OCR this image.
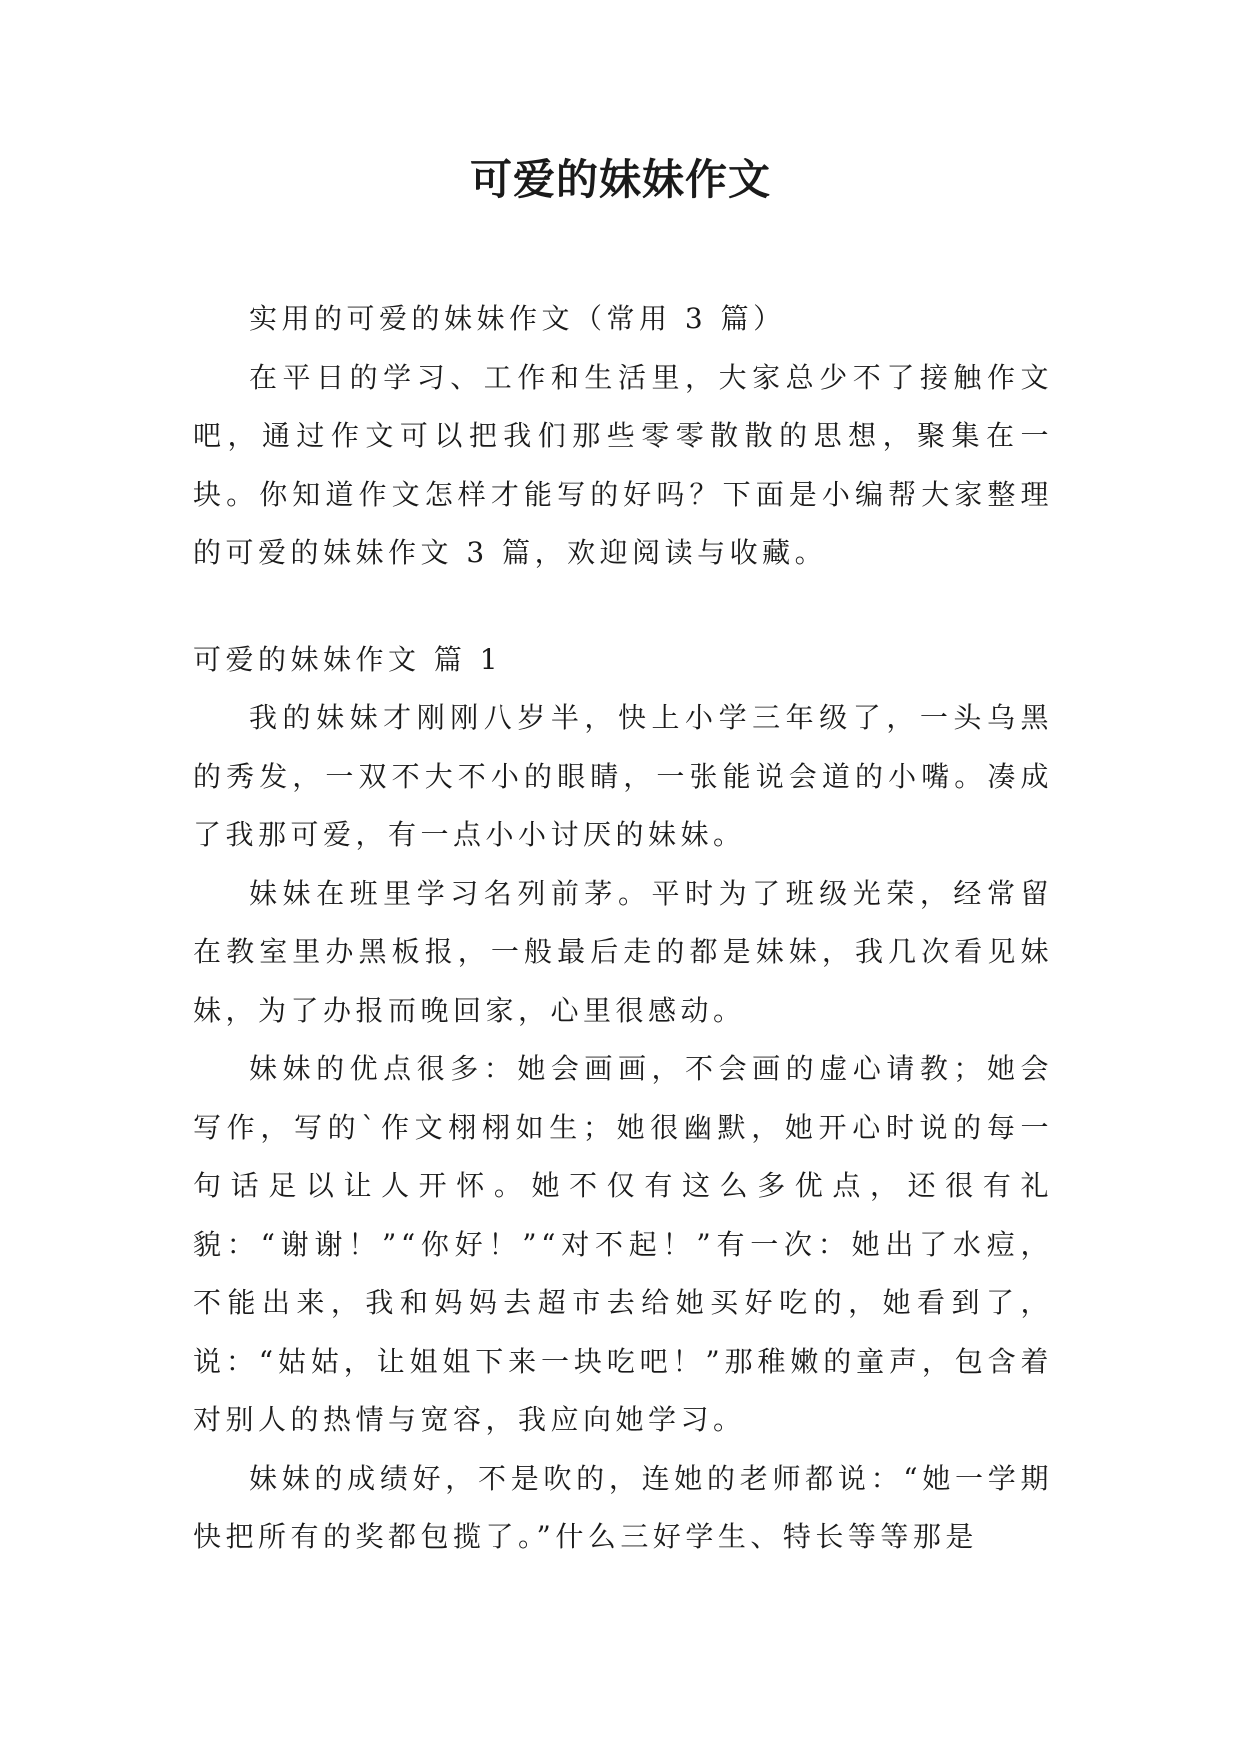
可爱的妹妹作文

实用的可爱的妹妹作文（常用 3 篇）

在平日的学习、工作和生活里，大家总少不了接触作文吧，通过作文可以把我们那些零零散散的思想，聚集在一块。你知道作文怎样才能写的好吗？下面是小编帮大家整理的可爱的妹妹作文 3 篇，欢迎阅读与收藏。

可爱的妹妹作文 篇 1

我的妹妹才刚刚八岁半，快上小学三年级了，一头乌黑的秀发，一双不大不小的眼睛，一张能说会道的小嘴。凑成了我那可爱，有一点小小讨厌的妹妹。

妹妹在班里学习名列前茅。平时为了班级光荣，经常留在教室里办黑板报，一般最后走的都是妹妹，我几次看见妹妹，为了办报而晚回家，心里很感动。

妹妹的优点很多：她会画画，不会画的虚心请教；她会写作，写的`作文栩栩如生；她很幽默，她开心时说的每一句话足以让人开怀。她不仅有这么多优点，还很有礼貌：“谢谢！”“你好！”“对不起！”有一次：她出了水痘，不能出来，我和妈妈去超市去给她买好吃的，她看到了，说：“姑姑，让姐姐下来一块吃吧！”那稚嫩的童声，包含着对别人的热情与宽容，我应向她学习。

妹妹的成绩好，不是吹的，连她的老师都说：“她一学期快把所有的奖都包揽了。”什么三好学生、特长等等那是
